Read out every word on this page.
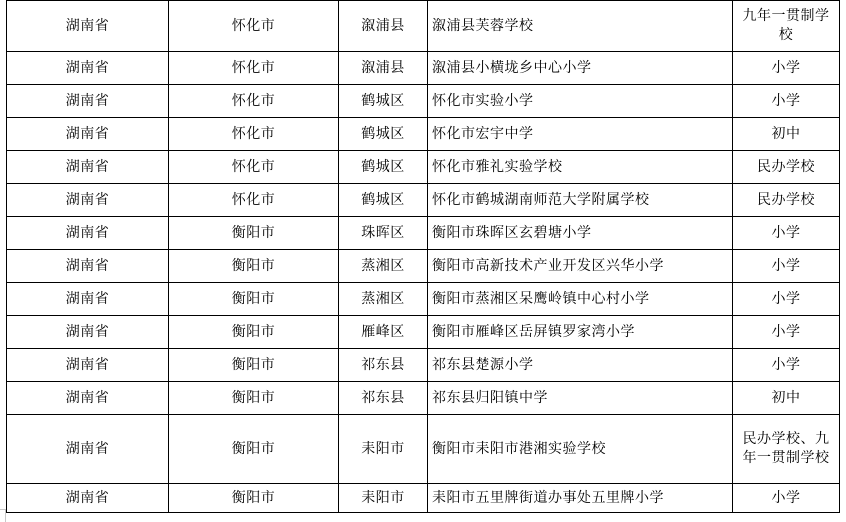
湖南省	怀化市	溆浦县	溆浦县芙蓉学校	九年一贯制学校
湖南省	怀化市	溆浦县	溆浦县小横垅乡中心小学	小学
湖南省	怀化市	鹤城区	怀化市实验小学	小学
湖南省	怀化市	鹤城区	怀化市宏宇中学	初中
湖南省	怀化市	鹤城区	怀化市雅礼实验学校	民办学校
湖南省	怀化市	鹤城区	怀化市鹤城湖南师范大学附属学校	民办学校
湖南省	衡阳市	珠晖区	衡阳市珠晖区玄碧塘小学	小学
湖南省	衡阳市	蒸湘区	衡阳市高新技术产业开发区兴华小学	小学
湖南省	衡阳市	蒸湘区	衡阳市蒸湘区呆鹰岭镇中心村小学	小学
湖南省	衡阳市	雁峰区	衡阳市雁峰区岳屏镇罗家湾小学	小学
湖南省	衡阳市	祁东县	祁东县楚源小学	小学
湖南省	衡阳市	祁东县	祁东县归阳镇中学	初中
湖南省	衡阳市	耒阳市	衡阳市耒阳市港湘实验学校	民办学校、九年一贯制学校
湖南省	衡阳市	耒阳市	耒阳市五里牌街道办事处五里牌小学	小学
